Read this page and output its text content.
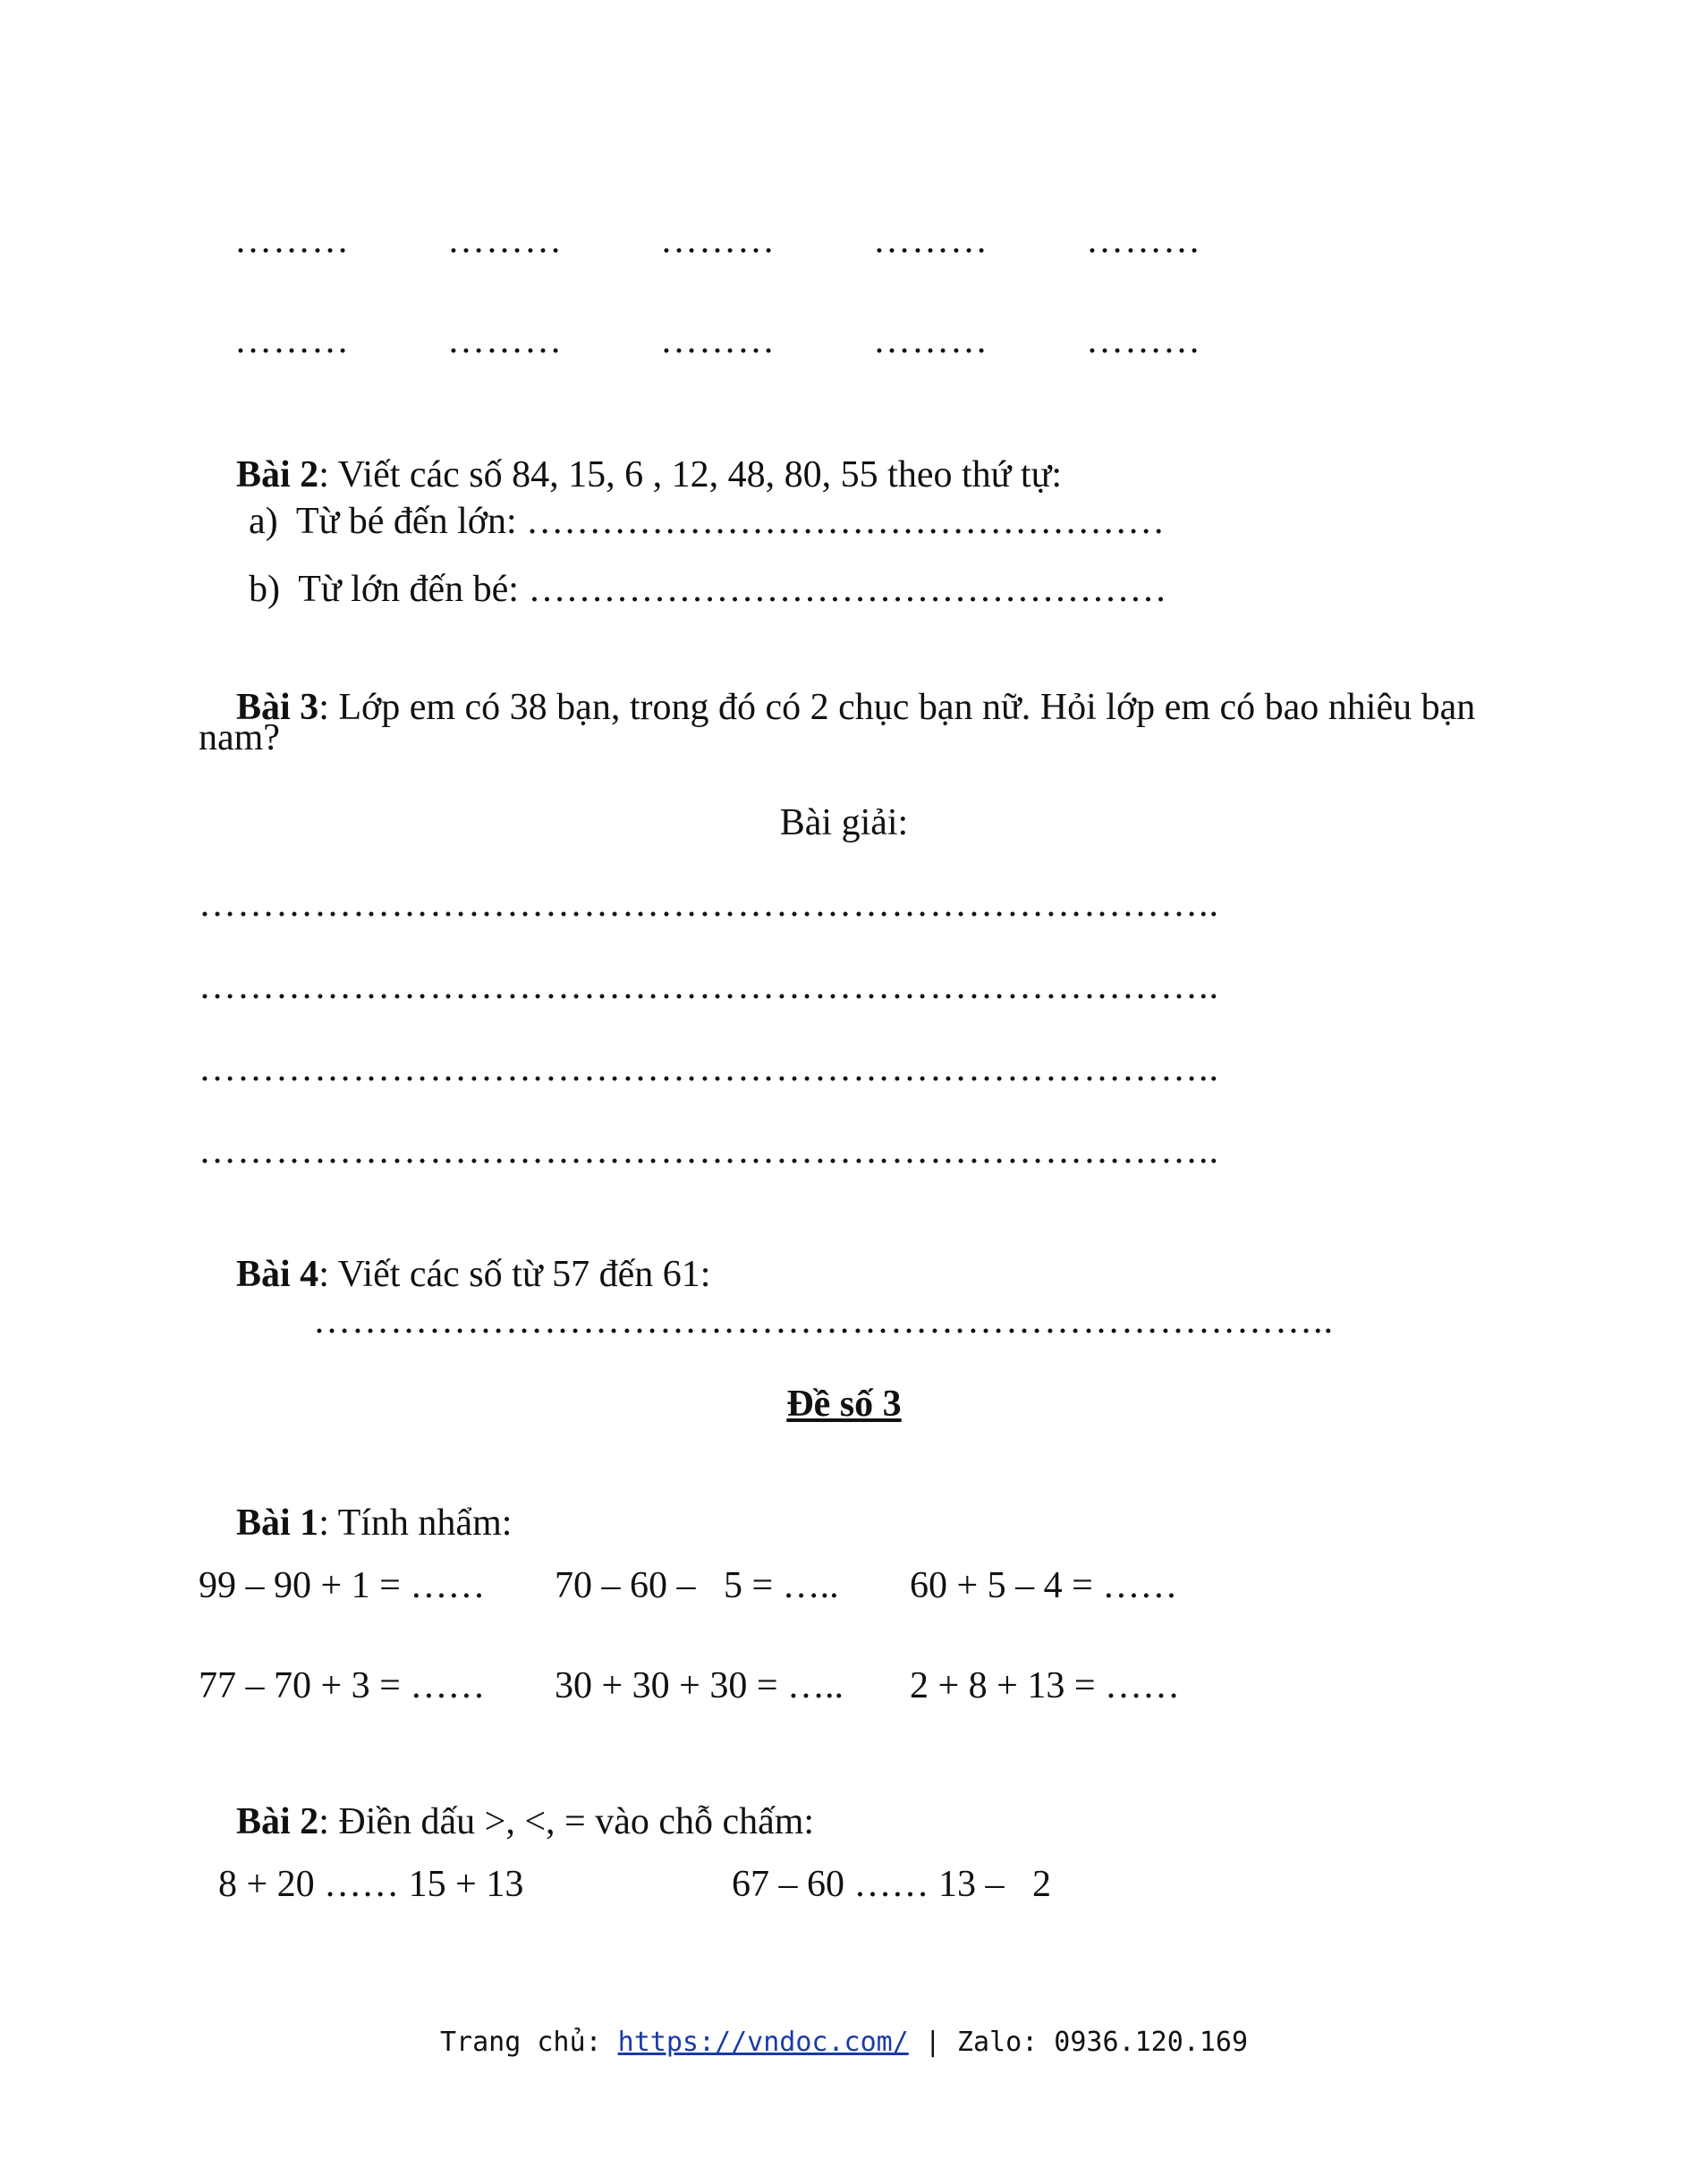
………	………	………	………	………
………	………	………	………	………

Bài 2: Viết các số 84, 15, 6 , 12, 48, 80, 55 theo thứ tự:

a)  Từ bé đến lớn: ……………………………………………
b)  Từ lớn đến bé: ……………………………………………

Bài 3: Lớp em có 38 bạn, trong đó có 2 chục bạn nữ. Hỏi lớp em có bao nhiêu bạn

nam?
Bài giải:
……………………………………………………………………..
……………………………………………………………………..
……………………………………………………………………..
……………………………………………………………………..

Bài 4: Viết các số từ 57 đến 61:

……………………………………………………………………..
Đề số 3

Bài 1: Tính nhẩm:

99 – 90 + 1 = …… 70 – 60 –   5 = ….. 60 + 5 – 4 = ……
77 – 70 + 3 = …… 30 + 30 + 30 = ….. 2 + 8 + 13 = ……

Bài 2: Điền dấu >, <, = vào chỗ chấm:

8 + 20 …… 15 + 13	67 – 60 …… 13 –   2
Trang chủ: https://vndoc.com/ | Zalo: 0936.120.169
